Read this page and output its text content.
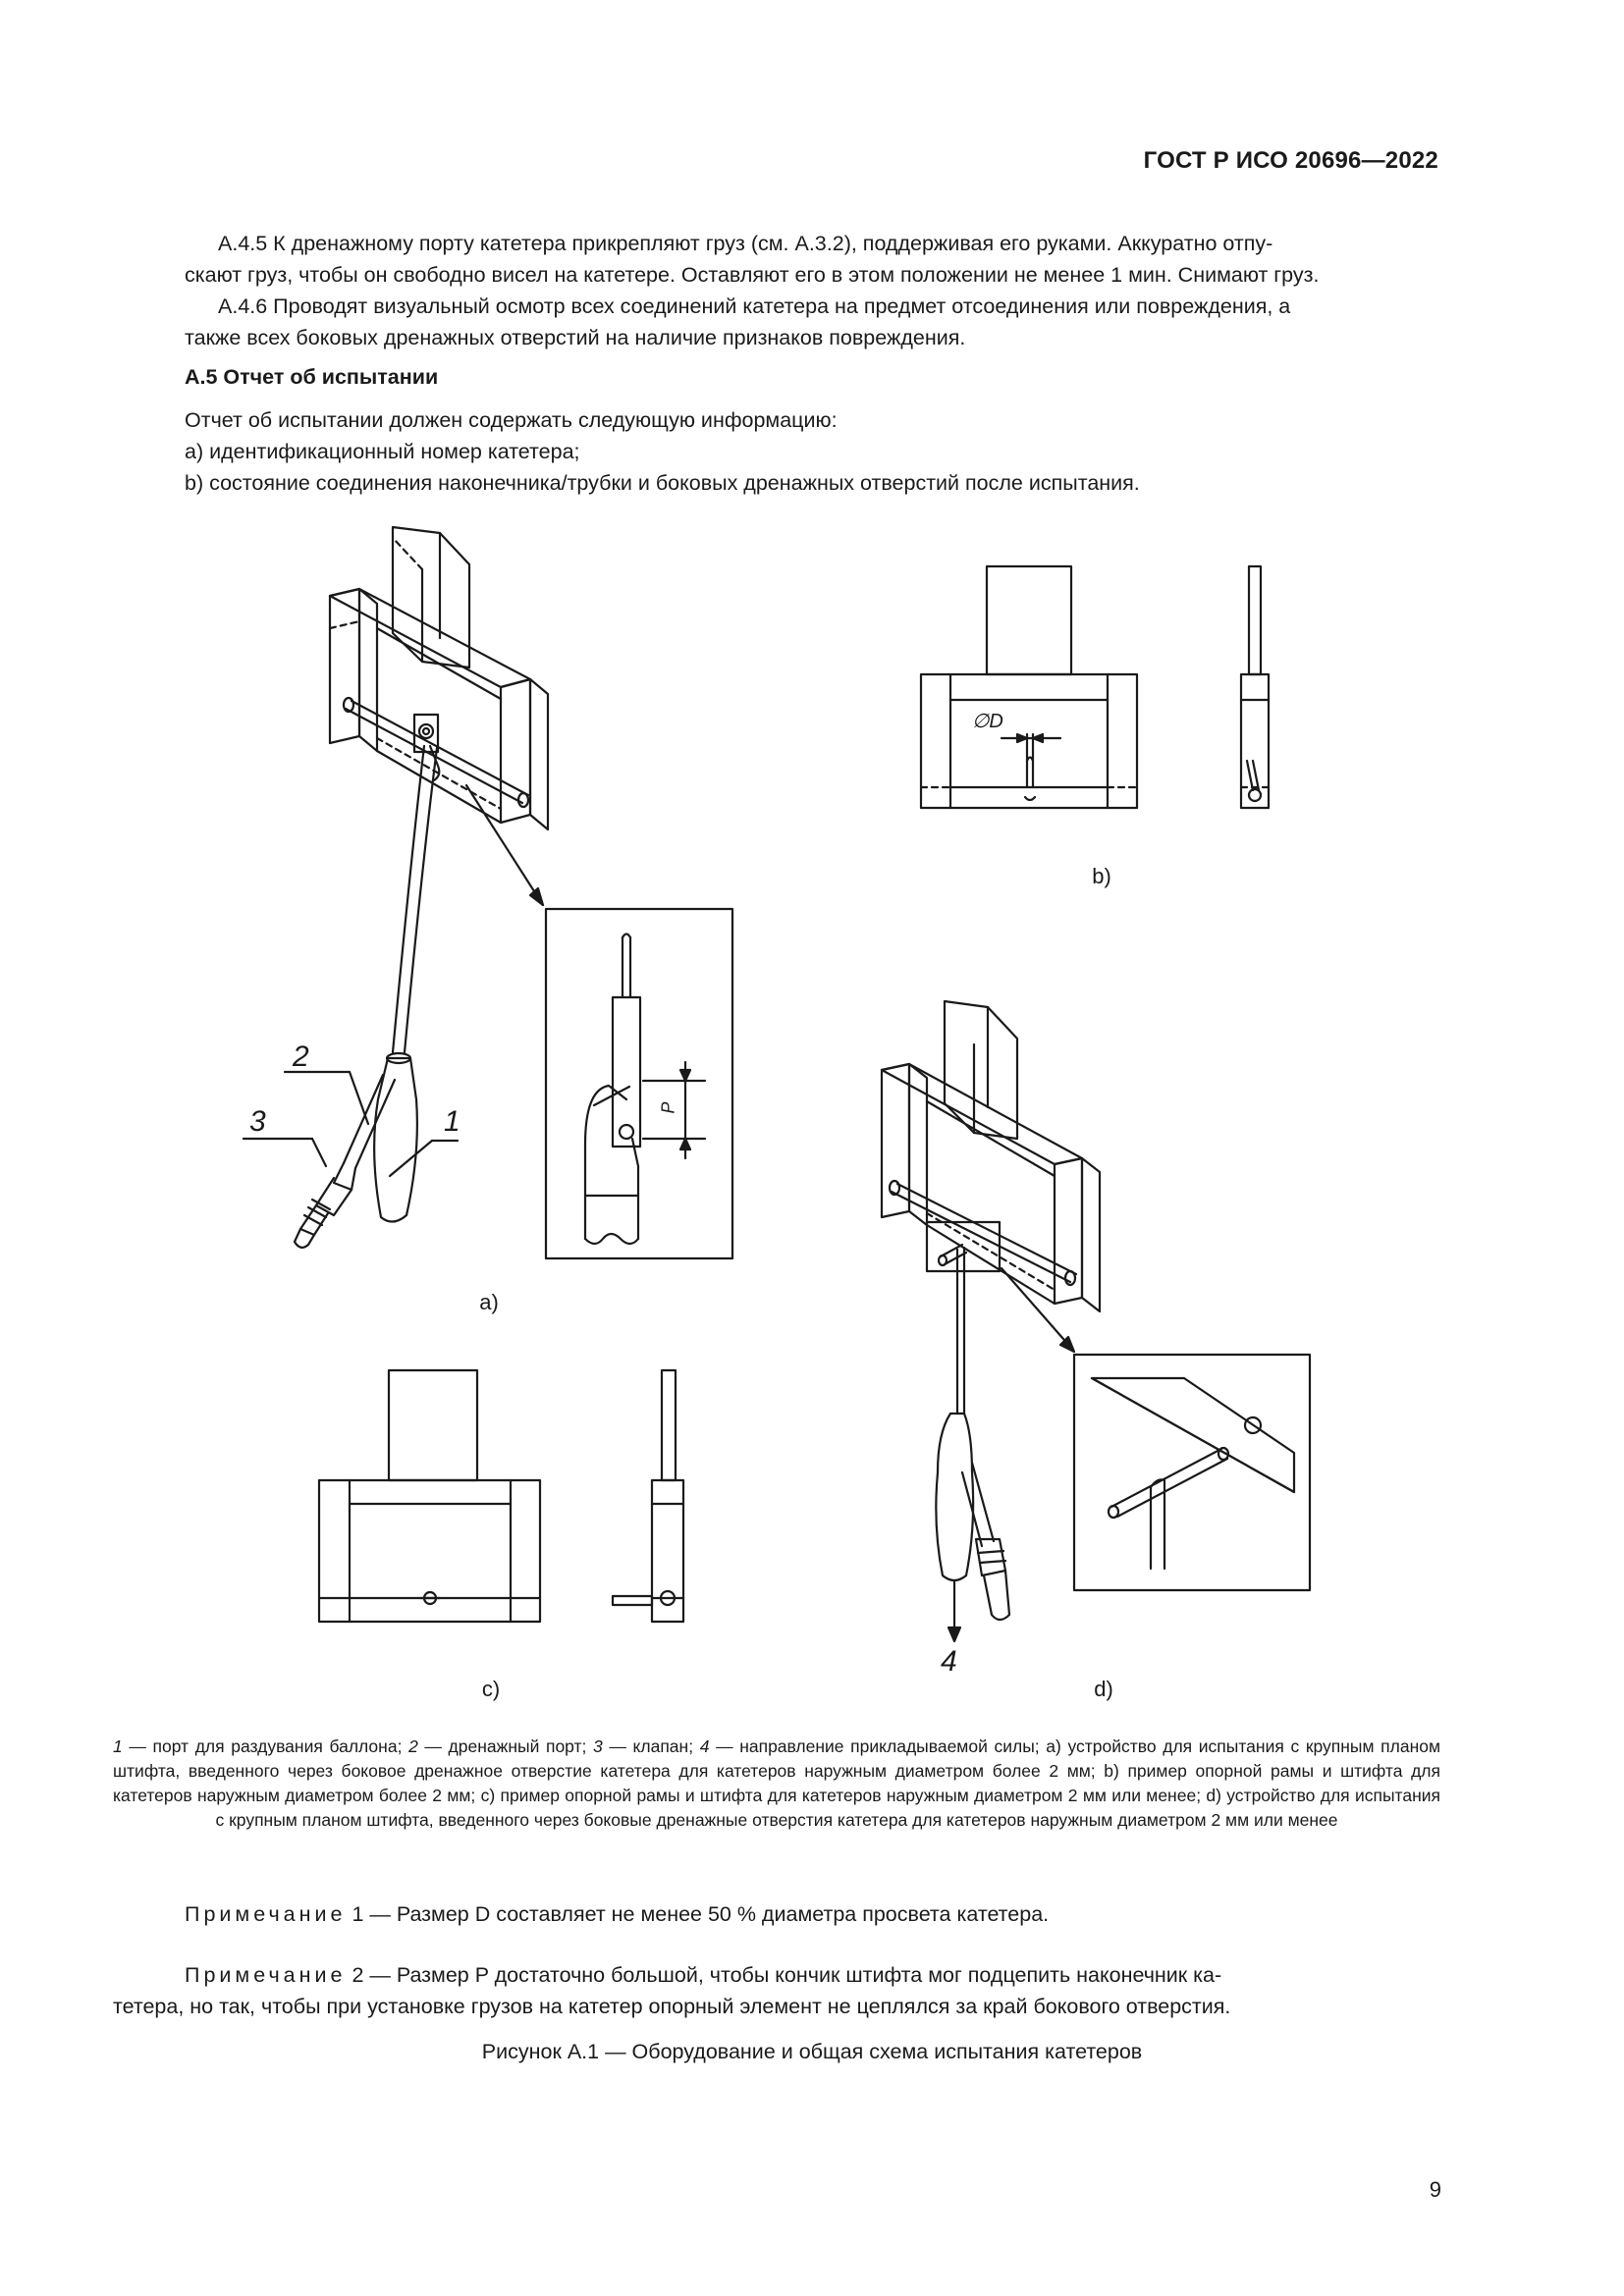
ГОСТ Р ИСО 20696—2022
А.4.5 К дренажному порту катетера прикрепляют груз (см. А.3.2), поддерживая его руками. Аккуратно отпу-
скают груз, чтобы он свободно висел на катетере. Оставляют его в этом положении не менее 1 мин. Снимают груз.
А.4.6 Проводят визуальный осмотр всех соединений катетера на предмет отсоединения или повреждения, а
также всех боковых дренажных отверстий на наличие признаков повреждения.
А.5 Отчет об испытании
Отчет об испытании должен содержать следующую информацию:
a) идентификационный номер катетера;
b) состояние соединения наконечника/трубки и боковых дренажных отверстий после испытания.
2
3	1	P
∅D
4
a)
b)
c)	d)
1 — порт для раздувания баллона; 2 — дренажный порт; 3 — клапан; 4 — направление прикладываемой силы; a) устройство для испытания с крупным планом штифта, введенного через боковое дренажное отверстие катетера для катетеров наружным диаметром более 2 мм; b) пример опорной рамы и штифта для катетеров наружным диаметром более 2 мм; c) пример опорной рамы и штифта для катетеров наружным диаметром 2 мм или менее; d) устройство для испытания с крупным планом штифта, введенного через боковые дренажные отверстия катетера для катетеров наружным диаметром 2 мм или менее
Примечание 1 — Размер D составляет не менее 50 % диаметра просвета катетера.
Примечание 2 — Размер P достаточно большой, чтобы кончик штифта мог подцепить наконечник ка-
тетера, но так, чтобы при установке грузов на катетер опорный элемент не цеплялся за край бокового отверстия.
Рисунок А.1 — Оборудование и общая схема испытания катетеров
9
